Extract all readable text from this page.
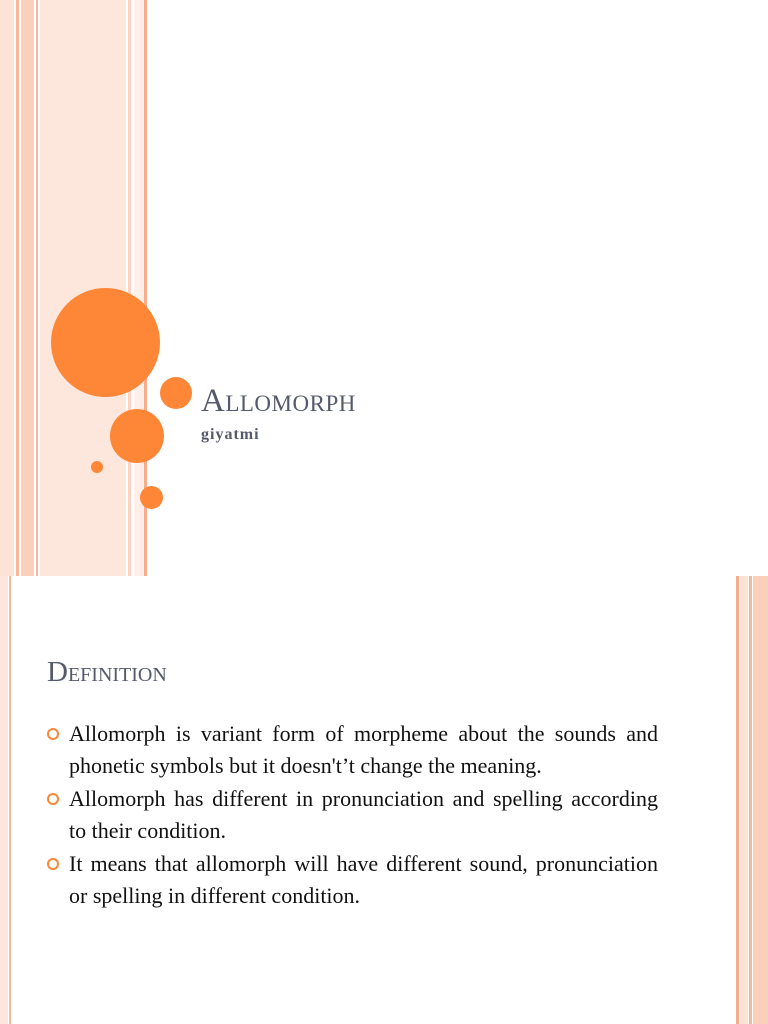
Allomorph

giyatmi

Definition
Allomorph is variant form of morpheme about the sounds and phonetic symbols but it doesn't’t change the meaning.
Allomorph has different in pronunciation and spelling according to their condition.
It means that allomorph will have different sound, pronunciation or spelling in different condition.
